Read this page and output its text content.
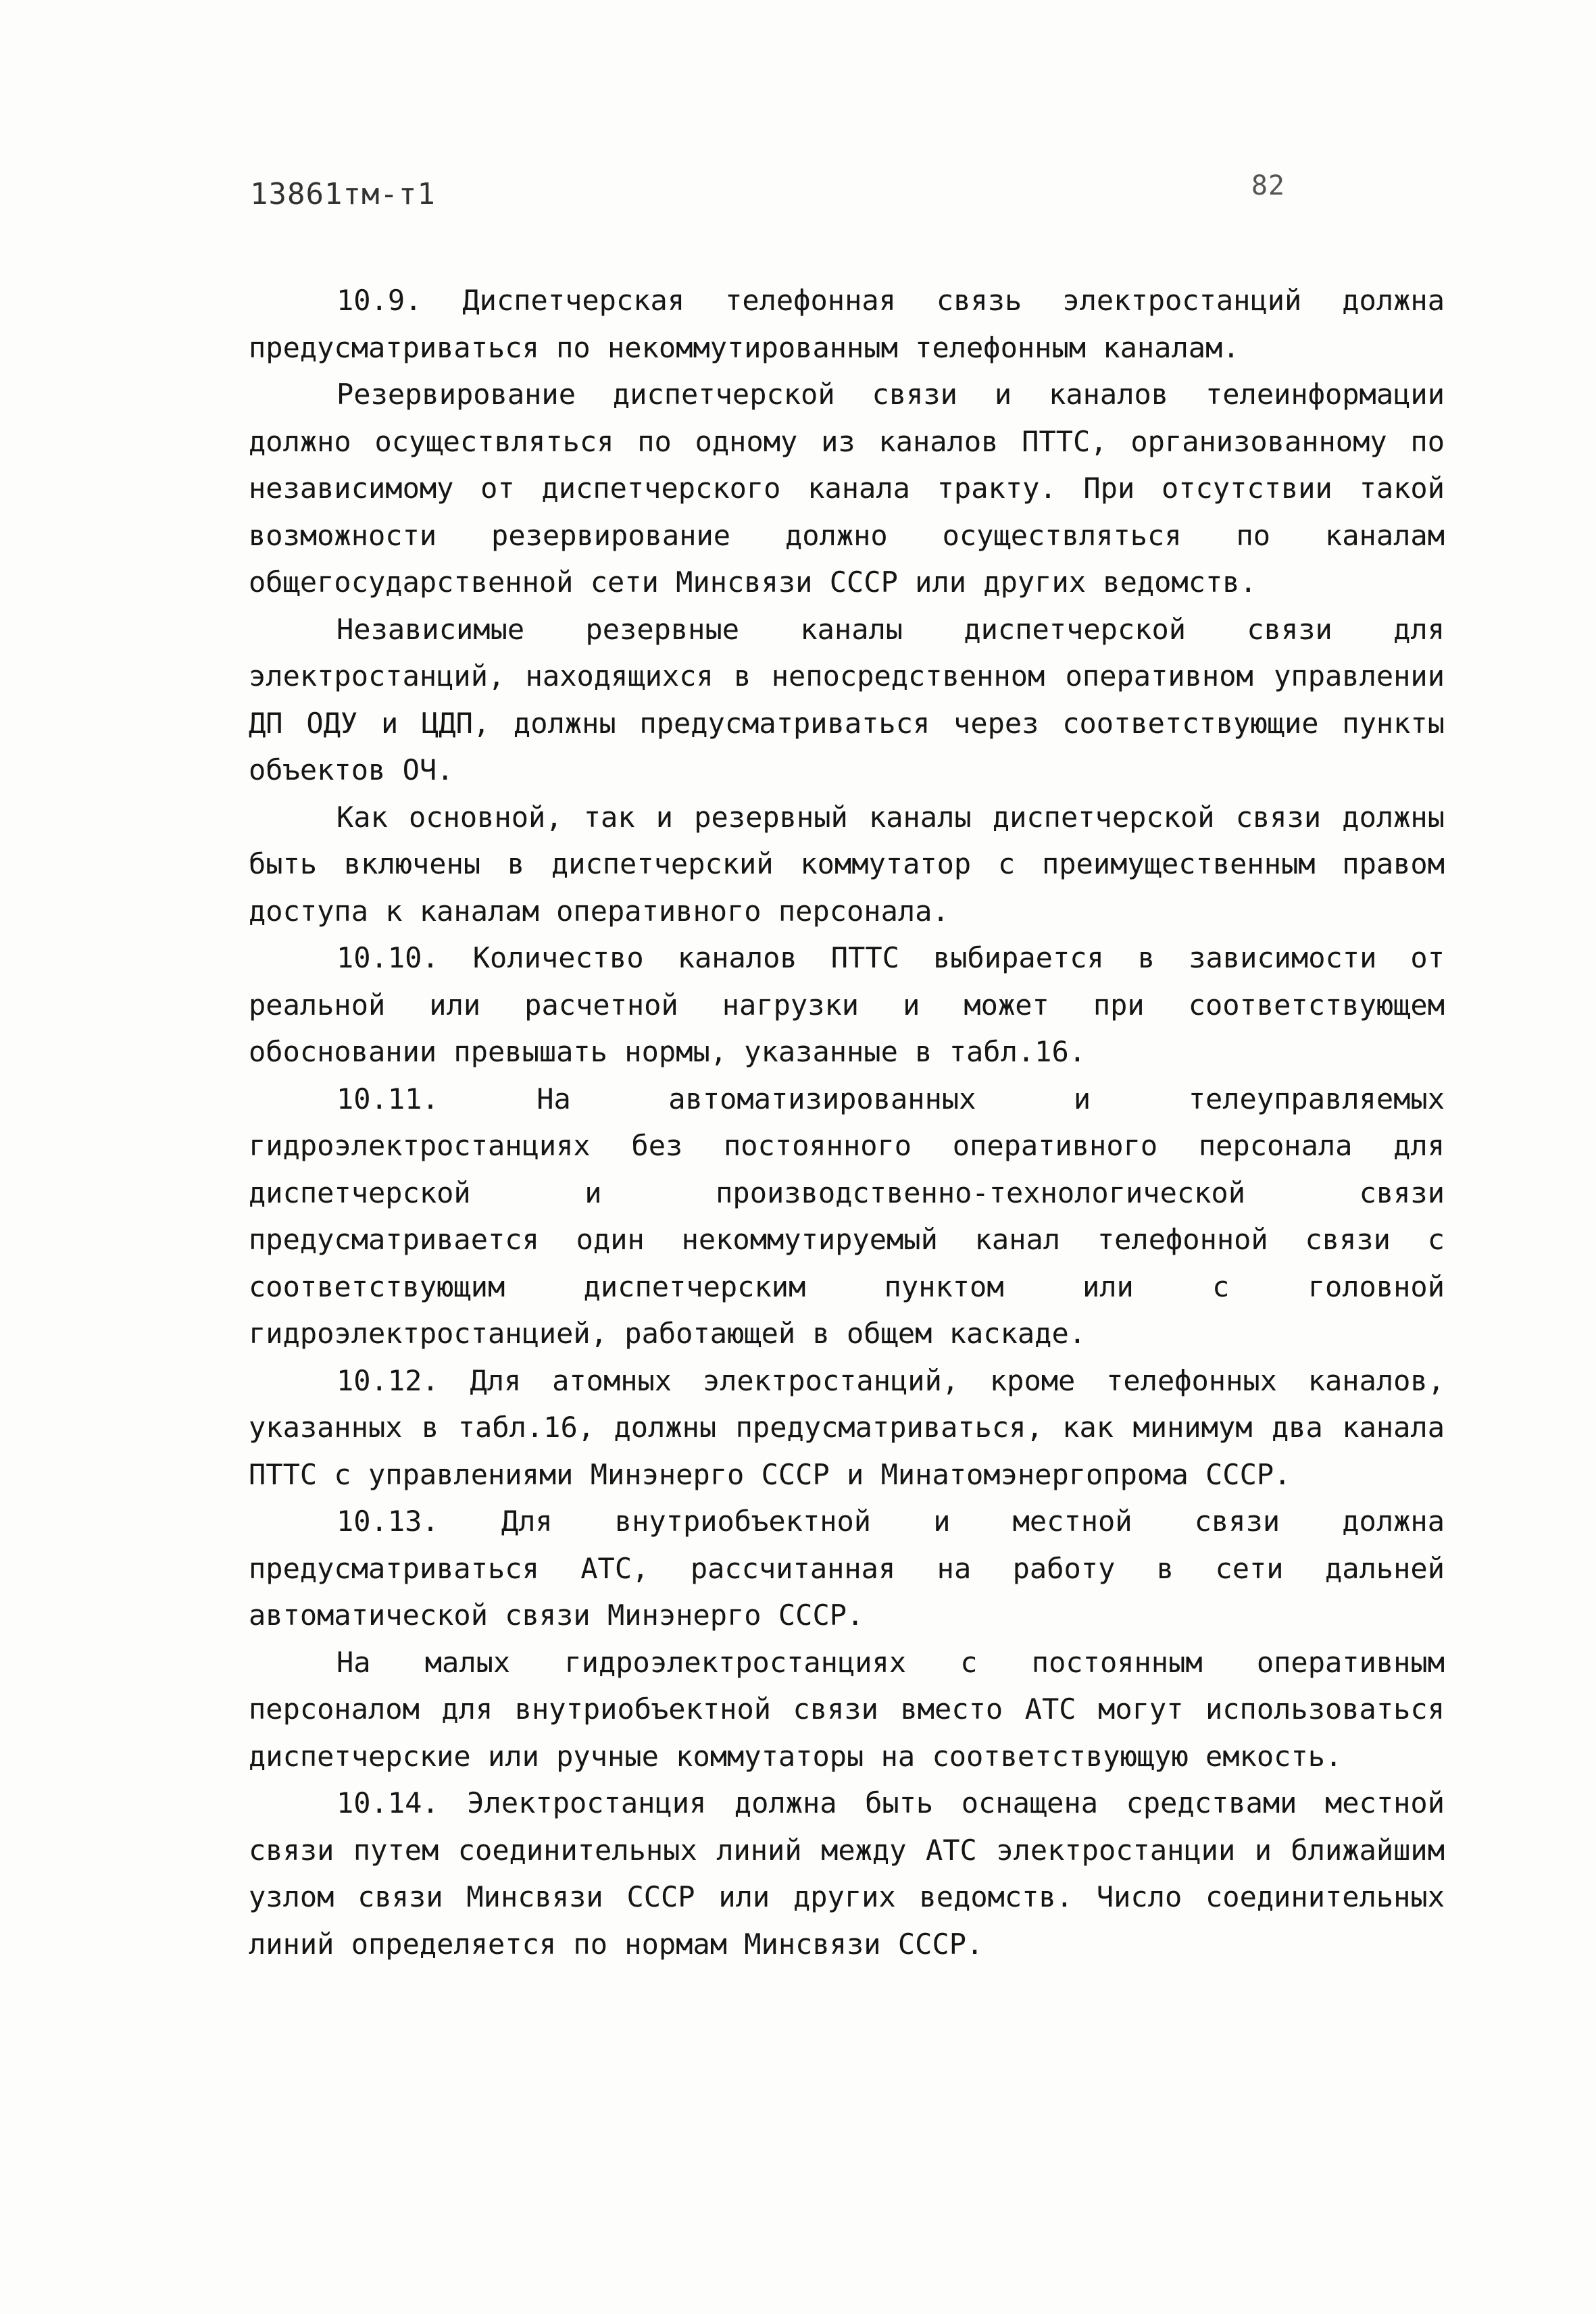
13861тм-т1	82

10.9. Диспетчерская телефонная связь электростанций должна предусматриваться по некоммутированным телефонным каналам.

Резервирование диспетчерской связи и каналов телеинформации должно осуществляться по одному из каналов ПТТС, организованному по независимому от диспетчерского канала тракту. При отсутствии такой возможности резервирование должно осуществляться по каналам общегосударственной сети Минсвязи СССР или других ведомств.

Независимые резервные каналы диспетчерской связи для электростанций, находящихся в непосредственном оперативном управлении ДП ОДУ и ЦДП, должны предусматриваться через соответствующие пункты объектов ОЧ.

Как основной, так и резервный каналы диспетчерской связи должны быть включены в диспетчерский коммутатор с преимущественным правом доступа к каналам оперативного персонала.

10.10. Количество каналов ПТТС выбирается в зависимости от реальной или расчетной нагрузки и может при соответствующем обосновании превышать нормы, указанные в табл.16.

10.11. На автоматизированных и телеуправляемых гидроэлектростанциях без постоянного оперативного персонала для диспетчерской и производственно-технологической связи предусматривается один некоммутируемый канал телефонной связи с соответствующим диспетчерским пунктом или с головной гидроэлектростанцией, работающей в общем каскаде.

10.12. Для атомных электростанций, кроме телефонных каналов, указанных в табл.16, должны предусматриваться, как минимум два канала ПТТС с управлениями Минэнерго СССР и Минатомэнергопрома СССР.

10.13. Для внутриобъектной и местной связи должна предусматриваться АТС, рассчитанная на работу в сети дальней автоматической связи Минэнерго СССР.

На малых гидроэлектростанциях с постоянным оперативным персоналом для внутриобъектной связи вместо АТС могут использоваться диспетчерские или ручные коммутаторы на соответствующую емкость.

10.14. Электростанция должна быть оснащена средствами местной связи путем соединительных линий между АТС электростанции и ближайшим узлом связи Минсвязи СССР или других ведомств. Число соединительных линий определяется по нормам Минсвязи СССР.
